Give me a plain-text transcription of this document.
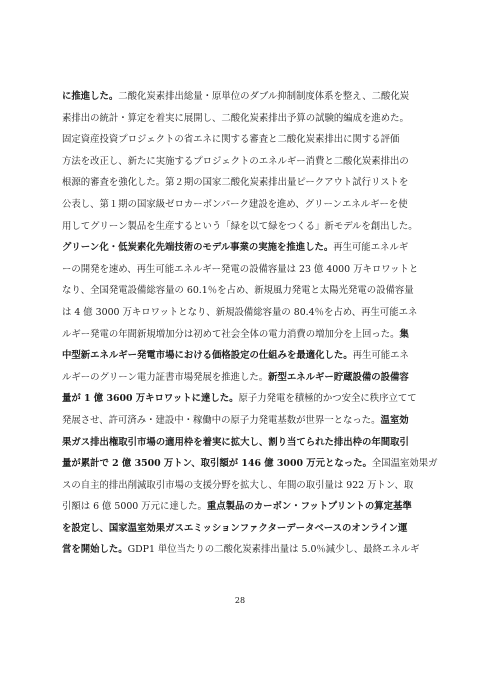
に推進した。二酸化炭素排出総量・原単位のダブル抑制制度体系を整え、二酸化炭
素排出の統計・算定を着実に展開し、二酸化炭素排出予算の試験的編成を進めた。
固定資産投資プロジェクトの省エネに関する審査と二酸化炭素排出に関する評価
方法を改正し、新たに実施するプロジェクトのエネルギー消費と二酸化炭素排出の
根源的審査を強化した。第２期の国家二酸化炭素排出量ピークアウト試行リストを
公表し、第１期の国家級ゼロカーボンパーク建設を進め、グリーンエネルギーを使
用してグリーン製品を生産するという「緑を以て緑をつくる」新モデルを創出した。
グリーン化・低炭素化先端技術のモデル事業の実施を推進した。再生可能エネルギ
ーの開発を速め、再生可能エネルギー発電の設備容量は 23 億 4000 万キロワットと
なり、全国発電設備総容量の 60.1％を占め、新規風力発電と太陽光発電の設備容量
は 4 億 3000 万キロワットとなり、新規設備総容量の 80.4％を占め、再生可能エネ
ルギー発電の年間新規増加分は初めて社会全体の電力消費の増加分を上回った。集
中型新エネルギー発電市場における価格設定の仕組みを最適化した。再生可能エネ
ルギーのグリーン電力証書市場発展を推進した。新型エネルギー貯蔵設備の設備容
量が 1 億 3600 万キロワットに達した。原子力発電を積極的かつ安全に秩序立てて
発展させ、許可済み・建設中・稼働中の原子力発電基数が世界一となった。温室効
果ガス排出権取引市場の適用枠を着実に拡大し、割り当てられた排出枠の年間取引
量が累計で 2 億 3500 万トン、取引額が 146 億 3000 万元となった。全国温室効果ガ
スの自主的排出削減取引市場の支援分野を拡大し、年間の取引量は 922 万トン、取
引額は 6 億 5000 万元に達した。重点製品のカーボン・フットプリントの算定基準
を設定し、国家温室効果ガスエミッションファクターデータベースのオンライン運
営を開始した。GDP1 単位当たりの二酸化炭素排出量は 5.0％減少し、最終エネルギ
28
